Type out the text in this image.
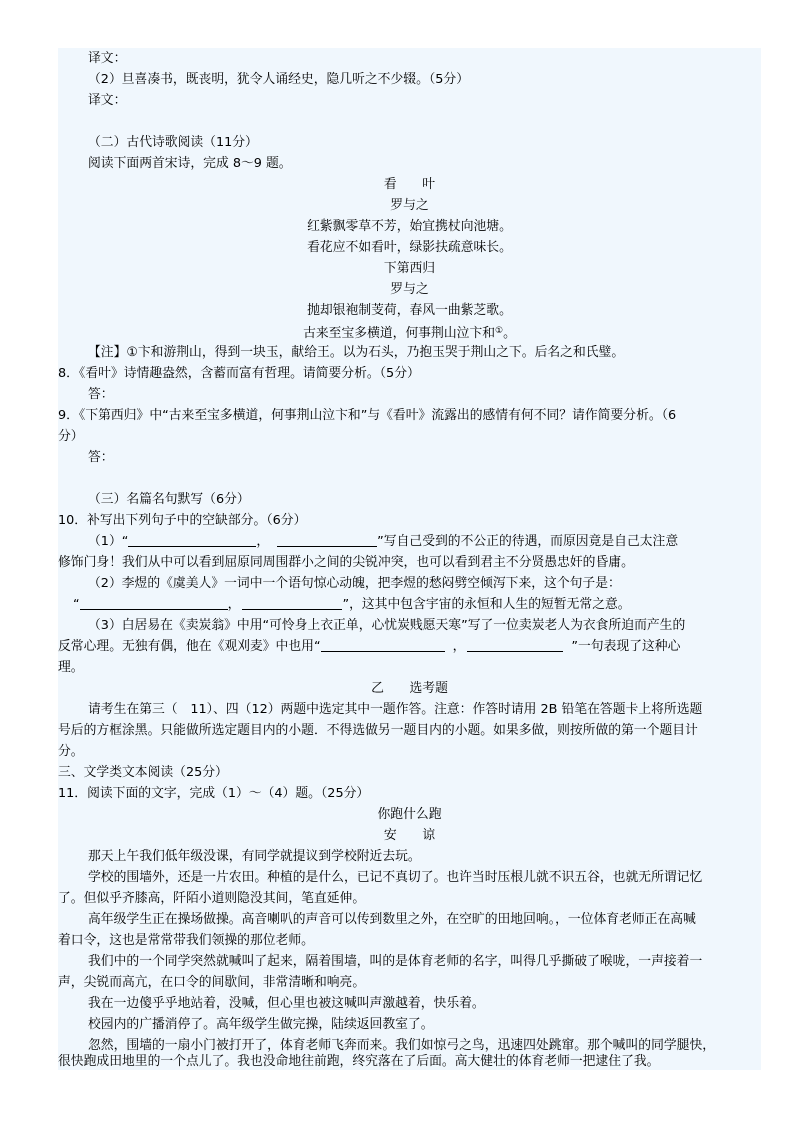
译文：
（2）旦喜凑书，既丧明，犹令人诵经史，隐几听之不少辍。（5分）
译文：
（二）古代诗歌阅读（11分）
阅读下面两首宋诗，完成 8～9 题。
看　　叶
罗与之
红紫飘零草不芳，始宜携杖向池塘。
看花应不如看叶，绿影扶疏意味长。
下第西归
罗与之
抛却银袍制芰荷，春风一曲紫芝歌。
古来至宝多横道，何事荆山泣卞和①。
【注】①卞和游荆山，得到一块玉，献给王。以为石头，乃抱玉哭于荆山之下。后名之和氏璧。
8．《看叶》诗情趣盎然，含蓄而富有哲理。请简要分析。（5分）
答：
9．《下第西归》中“古来至宝多横道，何事荆山泣卞和”与《看叶》流露出的感情有何不同？请作简要分析。（6
分）
答：
（三）名篇名句默写（6分）
10．补写出下列句子中的空缺部分。（6分）
（1）“	，	”写自己受到的不公正的待遇，而原因竟是自己太注意
修饰门身！我们从中可以看到屈原同周围群小之间的尖锐冲突，也可以看到君主不分贤愚忠奸的昏庸。
（2）李煜的《虞美人》一词中一个语句惊心动魄，把李煜的愁闷劈空倾泻下来，这个句子是：
“	，	”，这其中包含宇宙的永恒和人生的短暂无常之意。
（3）白居易在《卖炭翁》中用“可怜身上衣正单，心忧炭贱愿天寒”写了一位卖炭老人为衣食所迫而产生的
反常心理。无独有偶，他在《观刈麦》中也用“	，	”一句表现了这种心
理。
乙　　选考题
请考生在第三（　11）、四（12）两题中选定其中一题作答。注意：作答时请用 2B 铅笔在答题卡上将所选题
号后的方框涂黑。只能做所选定题目内的小题．不得选做另一题目内的小题。如果多做，则按所做的第一个题目计
分。
三、文学类文本阅读（25分）
11．阅读下面的文字，完成（1）～（4）题。（25分）
你跑什么跑
安　　谅
那天上午我们低年级没课，有同学就提议到学校附近去玩。
学校的围墙外，还是一片农田。种植的是什么，已记不真切了。也许当时压根儿就不识五谷，也就无所谓记忆
了。但似乎齐膝高，阡陌小道则隐没其间，笔直延伸。
高年级学生正在操场做操。高音喇叭的声音可以传到数里之外，在空旷的田地回响。，一位体育老师正在高喊
着口令，这也是常常带我们领操的那位老师。
我们中的一个同学突然就喊叫了起来，隔着围墙，叫的是体育老师的名字，叫得几乎撕破了喉咙，一声接着一
声，尖锐而高亢，在口令的间歇间，非常清晰和响亮。
我在一边傻乎乎地站着，没喊，但心里也被这喊叫声激越着，快乐着。
校园内的广播消停了。高年级学生做完操，陆续返回教室了。
忽然，围墙的一扇小门被打开了，体育老师飞奔而来。我们如惊弓之鸟，迅速四处跳窜。那个喊叫的同学腿快，
很快跑成田地里的一个点儿了。我也没命地往前跑，终究落在了后面。高大健壮的体育老师一把逮住了我。
